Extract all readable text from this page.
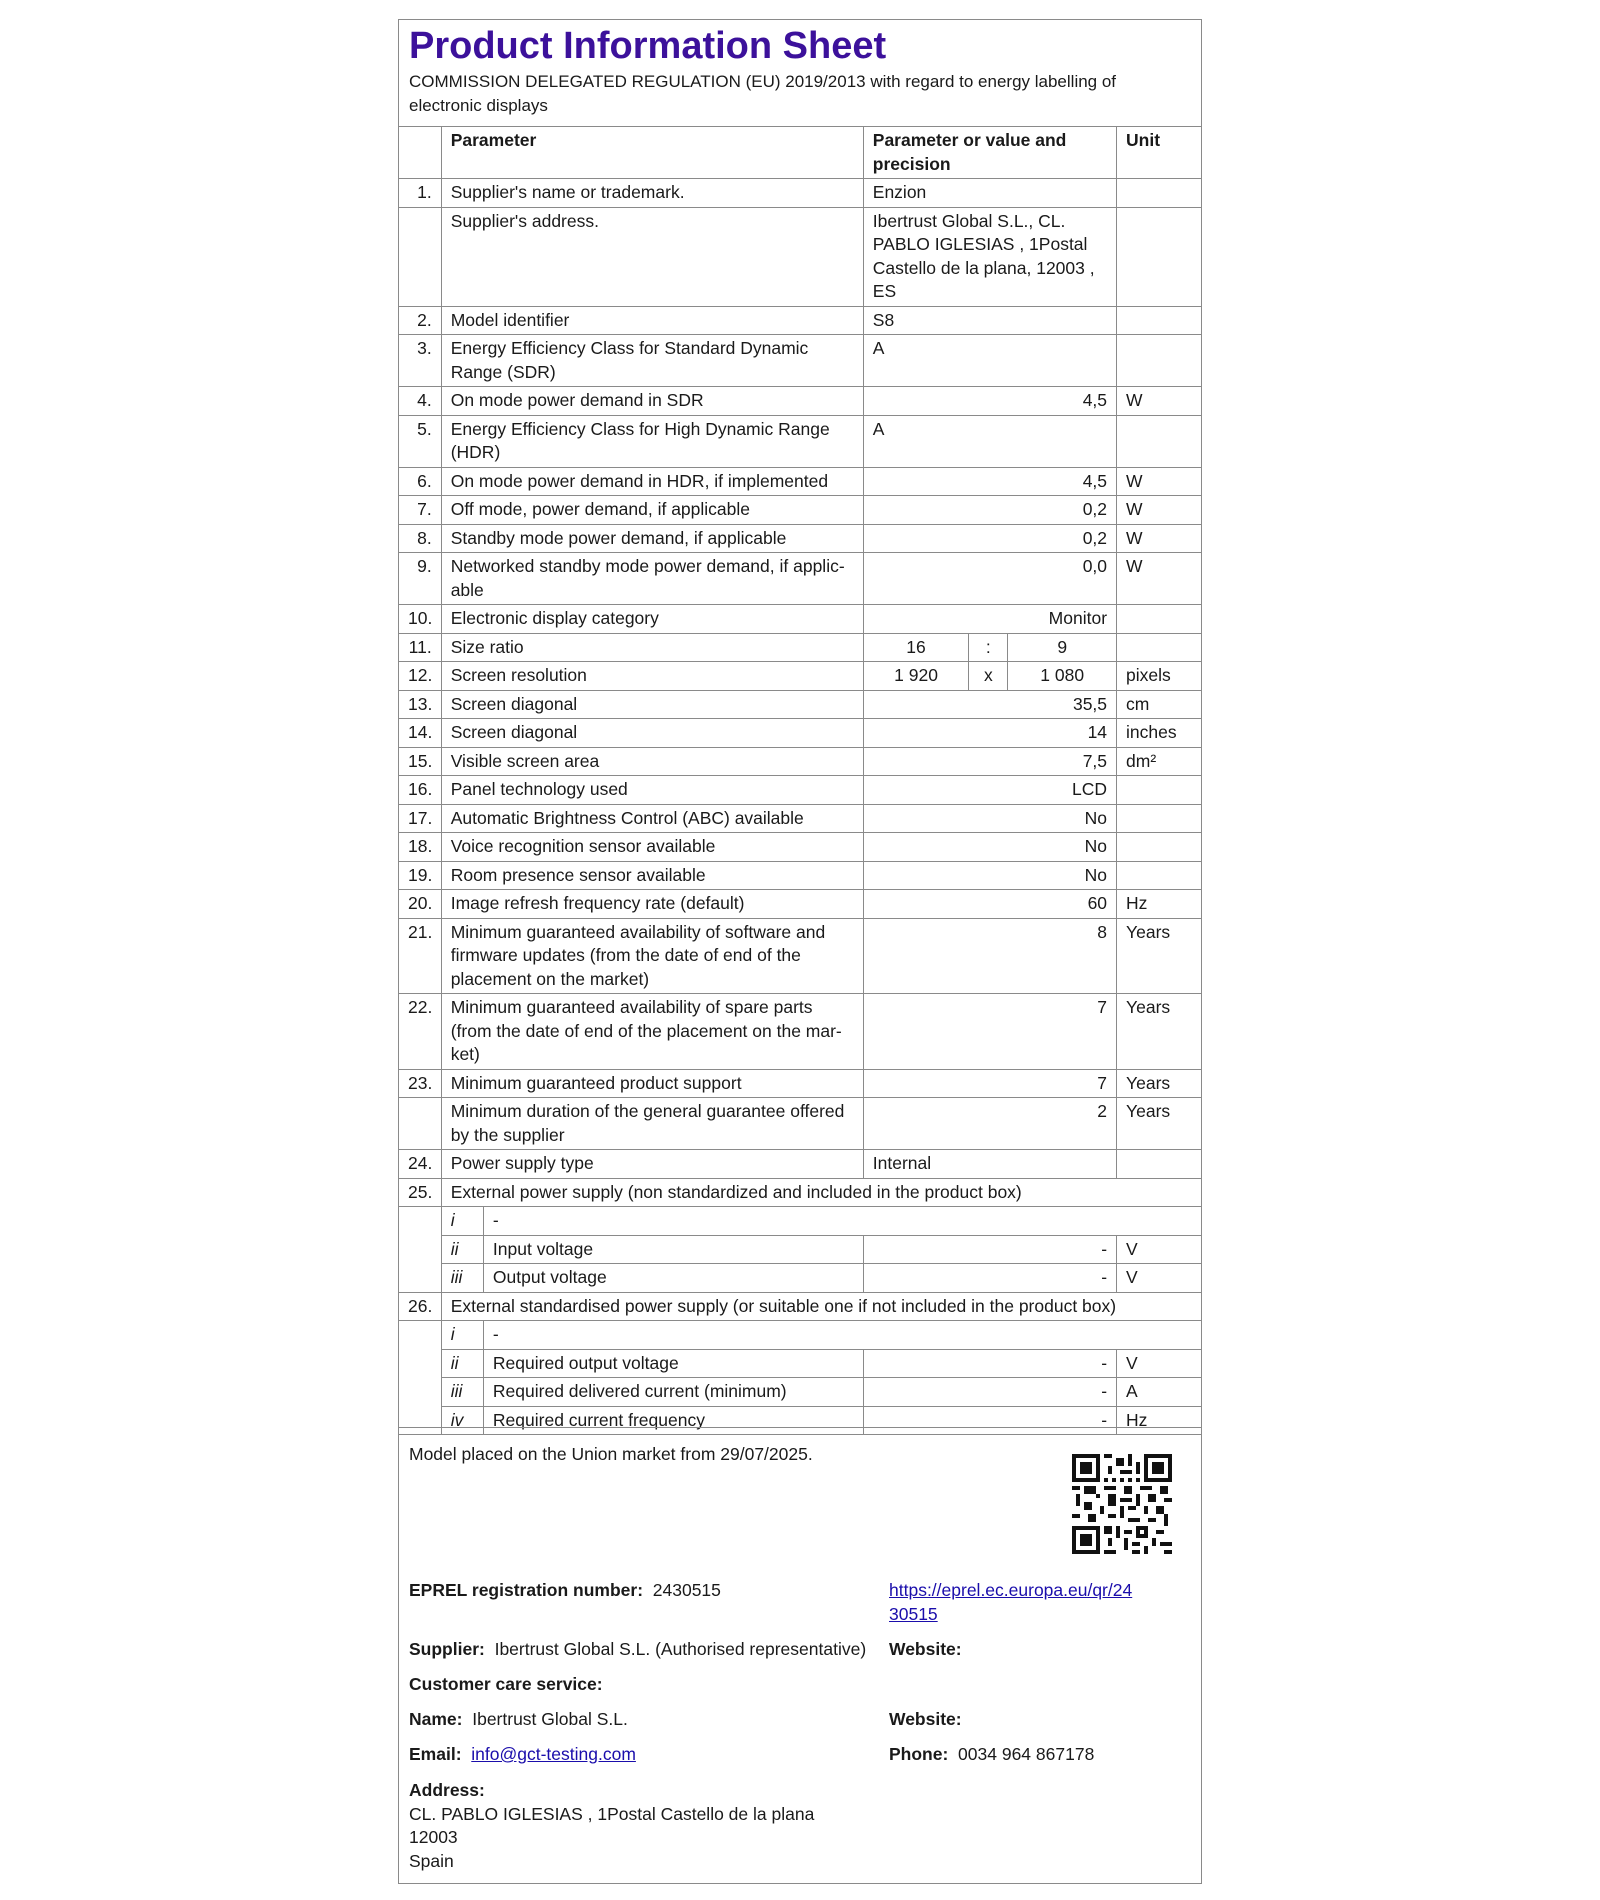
Product Information Sheet
COMMISSION DELEGATED REGULATION (EU) 2019/2013 with regard to energy labelling of electronic displays
	Parameter		Parameter or value and precision			Unit
1.	Supplier's name or trademark.		Enzion			
	Supplier's address.		Ibertrust Global S.L., CL. PABLO IGLESIAS , 1Postal Castello de la plana, 12003 , ES			
2.	Model identifier		S8			
3.	Energy Efficiency Class for Standard Dynamic Range (SDR)		A			
4.	On mode power demand in SDR		4,5			W
5.	Energy Efficiency Class for High Dynamic Range (HDR)		A			
6.	On mode power demand in HDR, if implemented		4,5			W
7.	Off mode, power demand, if applicable		0,2			W
8.	Standby mode power demand, if applicable		0,2			W
9.	Networked standby mode power demand, if applic-able		0,0			W
10.	Electronic display category		Monitor			
11.	Size ratio		16	:	9	
12.	Screen resolution		1 920	x	1 080	pixels
13.	Screen diagonal		35,5			cm
14.	Screen diagonal		14			inches
15.	Visible screen area		7,5			dm²
16.	Panel technology used		LCD			
17.	Automatic Brightness Control (ABC) available		No			
18.	Voice recognition sensor available		No			
19.	Room presence sensor available		No			
20.	Image refresh frequency rate (default)		60			Hz
21.	Minimum guaranteed availability of software and firmware updates (from the date of end of the placement on the market)		8			Years
22.	Minimum guaranteed availability of spare parts (from the date of end of the placement on the mar-ket)		7			Years
23.	Minimum guaranteed product support		7			Years
	Minimum duration of the general guarantee offered by the supplier		2			Years
24.	Power supply type		Internal			
25.	External power supply (non standardized and included in the product box)					
	i	-				
	ii	Input voltage	-			V
	iii	Output voltage	-			V
26.	External standardised power supply (or suitable one if not included in the product box)					
	i	-				
	ii	Required output voltage	-			V
	iii	Required delivered current (minimum)	-			A
	iv	Required current frequency	-			Hz
Model placed on the Union market from 29/07/2025.
EPREL registration number: 2430515	https://eprel.ec.europa.eu/qr/24
30515
Supplier: Ibertrust Global S.L. (Authorised representative) Website:
Customer care service:
Name: Ibertrust Global S.L.	Website:
Email: info@gct-testing.com	Phone: 0034 964 867178
Address:
CL. PABLO IGLESIAS , 1Postal Castello de la plana
12003
Spain
